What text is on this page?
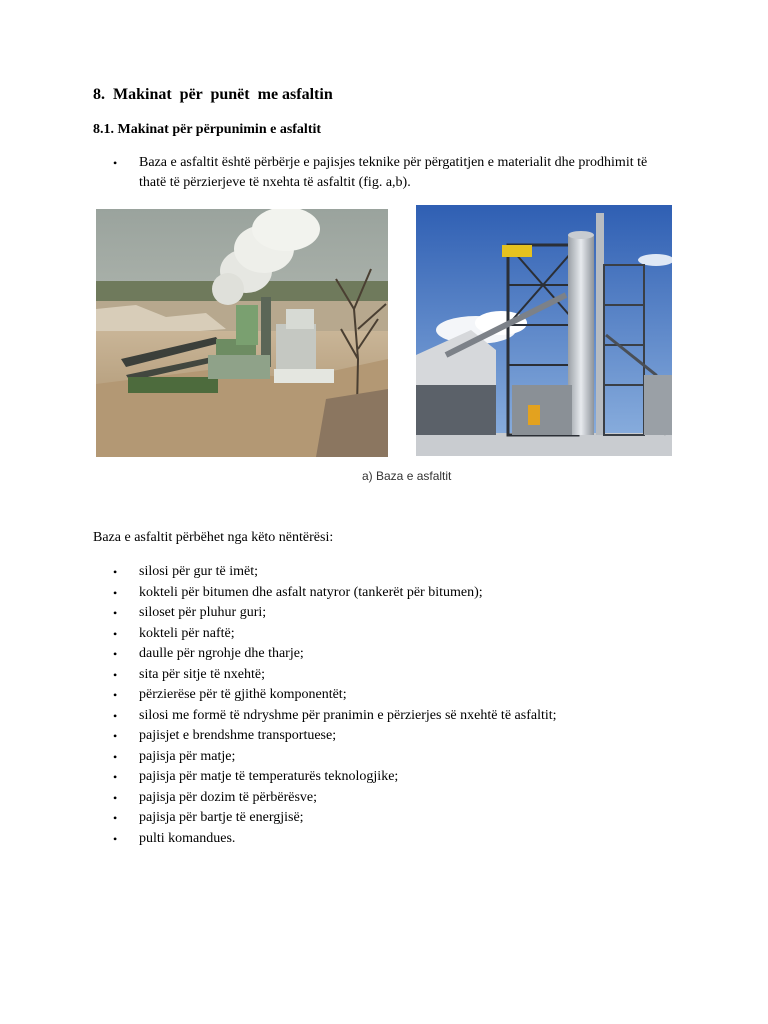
8.  Makinat  për  punët  me asfaltin
8.1. Makinat për përpunimin e asfaltit
• Baza e asfaltit është përbërje e pajisjes teknike për përgatitjen e materialit dhe prodhimit të thatë të përzierjeve të nxehta të asfaltit (fig. a,b).
a) Baza e asfaltit
Baza e asfaltit përbëhet nga këto nëntërësi:
• silosi për gur të imët;
• kokteli për bitumen dhe asfalt natyror (tankerët për bitumen);
• siloset për pluhur guri;
• kokteli për naftë;
• daulle për ngrohje dhe tharje;
• sita për sitje të nxehtë;
• përzierëse për të gjithë komponentët;
• silosi me formë të ndryshme për pranimin e përzierjes së nxehtë të asfaltit;
• pajisjet e brendshme transportuese;
• pajisja për matje;
• pajisja për matje të temperaturës teknologjike;
• pajisja për dozim të përbërësve;
• pajisja për bartje të energjisë;
• pulti komandues.
